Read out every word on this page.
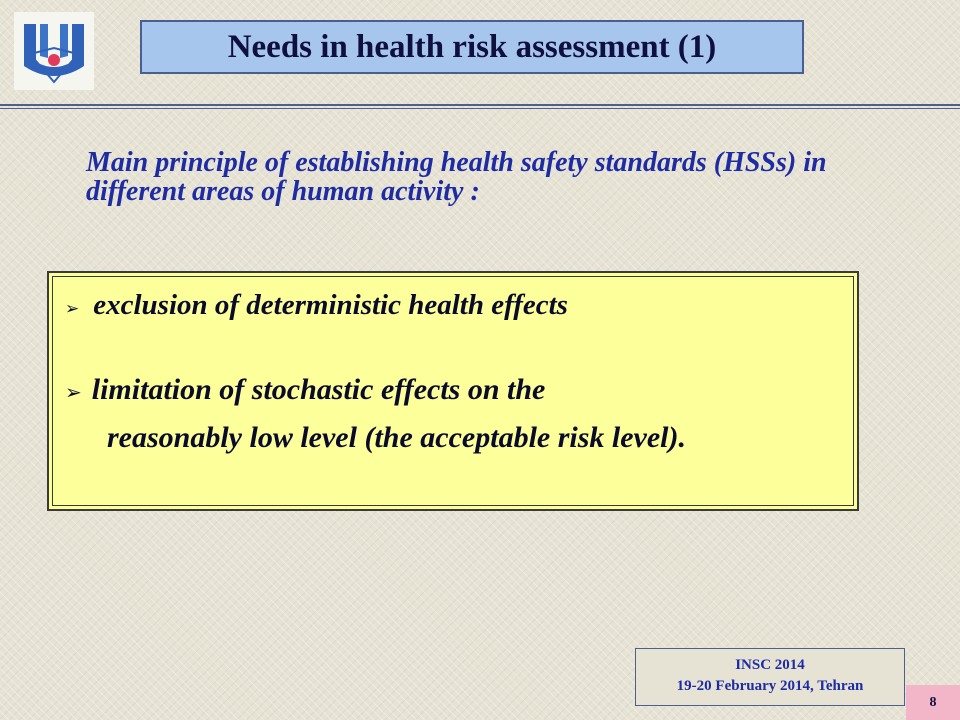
Needs in health risk assessment (1)

Main principle of establishing health safety standards (HSSs) in different areas of human activity :

➢ exclusion of deterministic health effects
➢ limitation of stochastic effects on the
reasonably low level (the acceptable risk level).
INSC 2014
19-20 February 2014, Tehran
8
